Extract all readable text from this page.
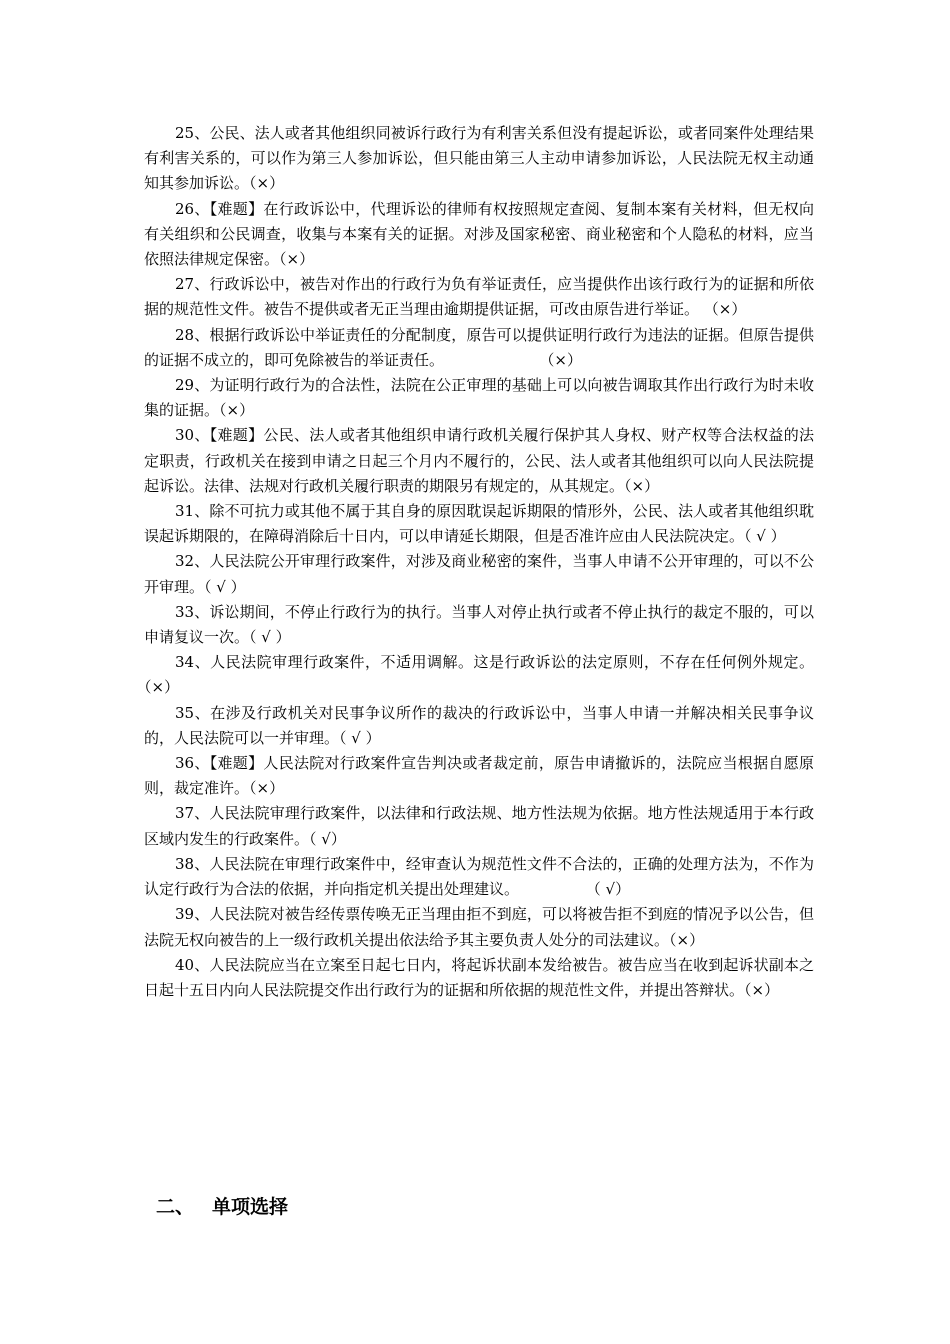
25、公民、法人或者其他组织同被诉行政行为有利害关系但没有提起诉讼，或者同案件处理结果有利害关系的，可以作为第三人参加诉讼，但只能由第三人主动申请参加诉讼，人民法院无权主动通知其参加诉讼。（×）

26、【难题】在行政诉讼中，代理诉讼的律师有权按照规定查阅、复制本案有关材料，但无权向有关组织和公民调查，收集与本案有关的证据。对涉及国家秘密、商业秘密和个人隐私的材料，应当依照法律规定保密。（×）

27、行政诉讼中，被告对作出的行政行为负有举证责任，应当提供作出该行政行为的证据和所依据的规范性文件。被告不提供或者无正当理由逾期提供证据，可改由原告进行举证。 （×）

28、根据行政诉讼中举证责任的分配制度，原告可以提供证明行政行为违法的证据。但原告提供的证据不成立的，即可免除被告的举证责任。                    （×）

29、为证明行政行为的合法性，法院在公正审理的基础上可以向被告调取其作出行政行为时未收集的证据。（×）

30、【难题】公民、法人或者其他组织申请行政机关履行保护其人身权、财产权等合法权益的法定职责，行政机关在接到申请之日起三个月内不履行的，公民、法人或者其他组织可以向人民法院提起诉讼。法律、法规对行政机关履行职责的期限另有规定的，从其规定。（×）

31、除不可抗力或其他不属于其自身的原因耽误起诉期限的情形外，公民、法人或者其他组织耽误起诉期限的，在障碍消除后十日内，可以申请延长期限，但是否准许应由人民法院决定。（ √ ）

32、人民法院公开审理行政案件，对涉及商业秘密的案件，当事人申请不公开审理的，可以不公开审理。（ √ ）

33、诉讼期间，不停止行政行为的执行。当事人对停止执行或者不停止执行的裁定不服的，可以申请复议一次。（ √ ）

34、人民法院审理行政案件，不适用调解。这是行政诉讼的法定原则，不存在任何例外规定。（×）

35、在涉及行政机关对民事争议所作的裁决的行政诉讼中，当事人申请一并解决相关民事争议的，人民法院可以一并审理。（ √ ）

36、【难题】人民法院对行政案件宣告判决或者裁定前，原告申请撤诉的，法院应当根据自愿原则，裁定准许。（×）

37、人民法院审理行政案件，以法律和行政法规、地方性法规为依据。地方性法规适用于本行政区域内发生的行政案件。（ √）

38、人民法院在审理行政案件中，经审查认为规范性文件不合法的，正确的处理方法为，不作为认定行政行为合法的依据，并向指定机关提出处理建议。              （ √）

39、人民法院对被告经传票传唤无正当理由拒不到庭，可以将被告拒不到庭的情况予以公告，但法院无权向被告的上一级行政机关提出依法给予其主要负责人处分的司法建议。（×）

40、人民法院应当在立案至日起七日内，将起诉状副本发给被告。被告应当在收到起诉状副本之日起十五日内向人民法院提交作出行政行为的证据和所依据的规范性文件，并提出答辩状。（×）

二、 单项选择
